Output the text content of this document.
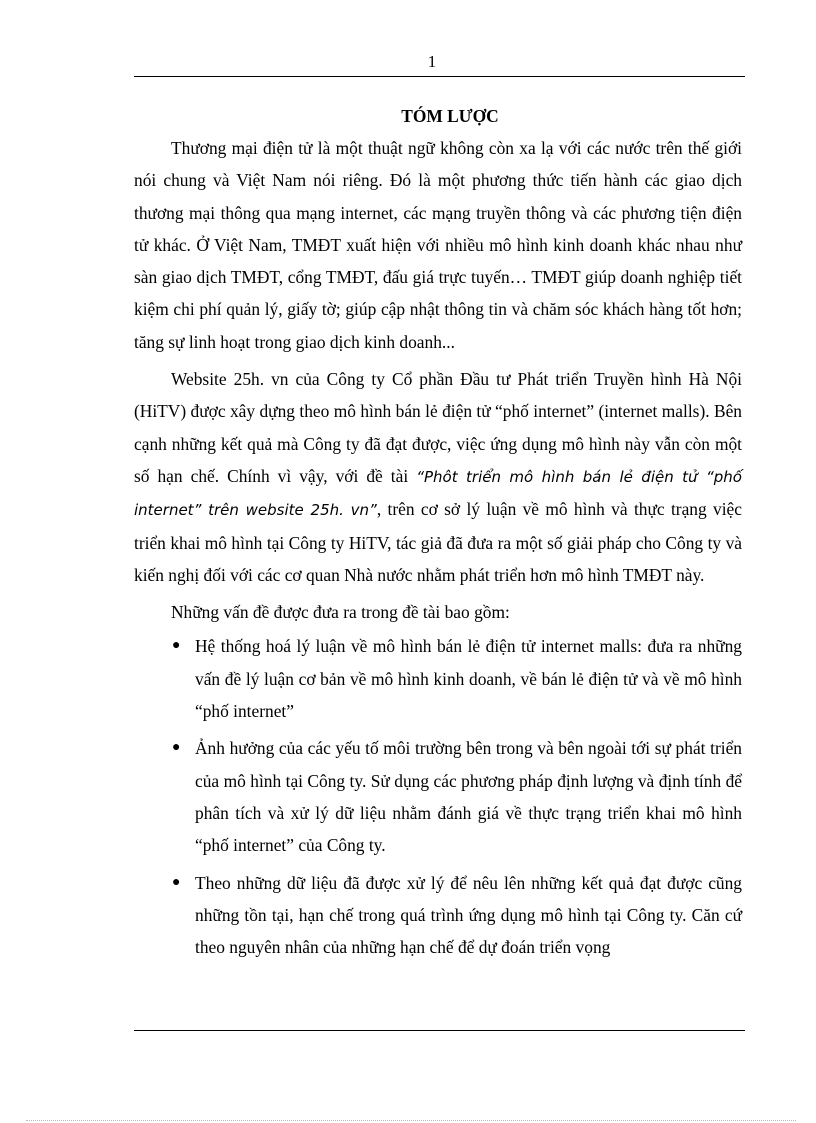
1
TÓM LƯỢC

Thương mại điện tử là một thuật ngữ không còn xa lạ với các nước trên thế giới nói chung và Việt Nam nói riêng. Đó là một phương thức tiến hành các giao dịch thương mại thông qua mạng internet, các mạng truyền thông và các phương tiện điện tử khác. Ở Việt Nam, TMĐT xuất hiện với nhiều mô hình kinh doanh khác nhau như sàn giao dịch TMĐT, cổng TMĐT, đấu giá trực tuyến… TMĐT giúp doanh nghiệp tiết kiệm chi phí quản lý, giấy tờ; giúp cập nhật thông tin và chăm sóc khách hàng tốt hơn; tăng sự linh hoạt trong giao dịch kinh doanh...

Website 25h. vn của Công ty Cổ phần Đầu tư Phát triển Truyền hình Hà Nội (HiTV) được xây dựng theo mô hình bán lẻ điện tử “phố internet” (internet malls). Bên cạnh những kết quả mà Công ty đã đạt được, việc ứng dụng mô hình này vẫn còn một số hạn chế. Chính vì vậy, với đề tài “Phôt triển mô hình bán lẻ điện tử “phố internet” trên website 25h. vn”, trên cơ sở lý luận về mô hình và thực trạng việc triển khai mô hình tại Công ty HiTV, tác giả đã đưa ra một số giải pháp cho Công ty và kiến nghị đối với các cơ quan Nhà nước nhằm phát triển hơn mô hình TMĐT này.

Những vấn đề được đưa ra trong đề tài bao gồm:

● Hệ thống hoá lý luận về mô hình bán lẻ điện tử internet malls: đưa ra những vấn đề lý luận cơ bản về mô hình kinh doanh, về bán lẻ điện tử và về mô hình “phố internet”
● Ảnh hưởng của các yếu tố môi trường bên trong và bên ngoài tới sự phát triển của mô hình tại Công ty. Sử dụng các phương pháp định lượng và định tính để phân tích và xử lý dữ liệu nhằm đánh giá về thực trạng triển khai mô hình “phố internet” của Công ty.
● Theo những dữ liệu đã được xử lý để nêu lên những kết quả đạt được cũng những tồn tại, hạn chế trong quá trình ứng dụng mô hình tại Công ty. Căn cứ theo nguyên nhân của những hạn chế để dự đoán triển vọng
